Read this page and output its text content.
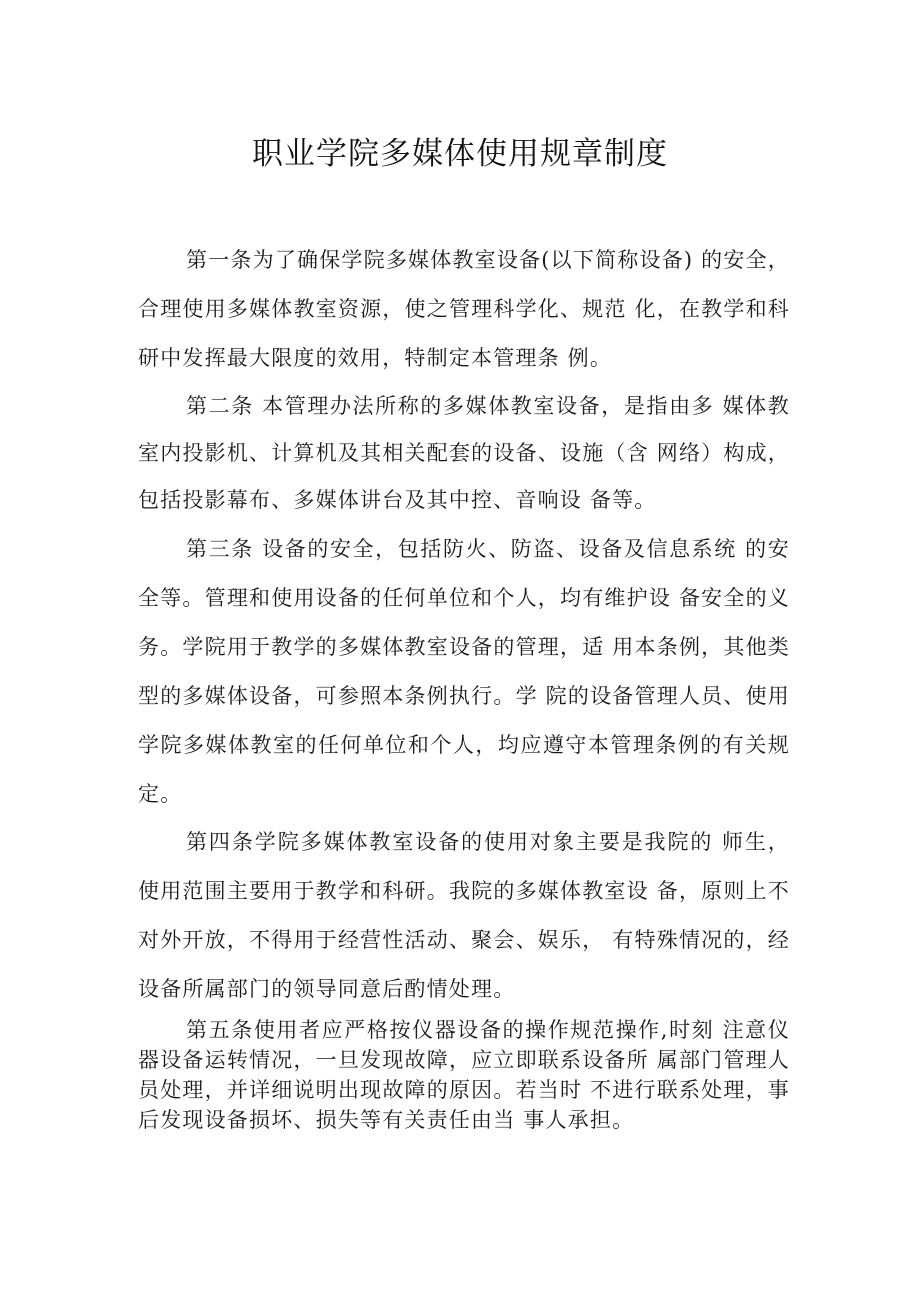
职业学院多媒体使用规章制度

第一条为了确保学院多媒体教室设备(以下简称设备) 的安全，合理使用多媒体教室资源，使之管理科学化、规范 化，在教学和科研中发挥最大限度的效用，特制定本管理条 例。

第二条 本管理办法所称的多媒体教室设备，是指由多 媒体教室内投影机、计算机及其相关配套的设备、设施（含 网络）构成，包括投影幕布、多媒体讲台及其中控、音响设 备等。

第三条 设备的安全，包括防火、防盗、设备及信息系统 的安全等。管理和使用设备的任何单位和个人，均有维护设 备安全的义务。学院用于教学的多媒体教室设备的管理，适 用本条例，其他类型的多媒体设备，可参照本条例执行。学 院的设备管理人员、使用学院多媒体教室的任何单位和个人，均应遵守本管理条例的有关规定。

第四条学院多媒体教室设备的使用对象主要是我院的 师生，使用范围主要用于教学和科研。我院的多媒体教室设 备，原则上不对外开放，不得用于经营性活动、聚会、娱乐， 有特殊情况的，经设备所属部门的领导同意后酌情处理。

第五条使用者应严格按仪器设备的操作规范操作,时刻 注意仪器设备运转情况，一旦发现故障，应立即联系设备所 属部门管理人员处理，并详细说明出现故障的原因。若当时 不进行联系处理，事后发现设备损坏、损失等有关责任由当 事人承担。
